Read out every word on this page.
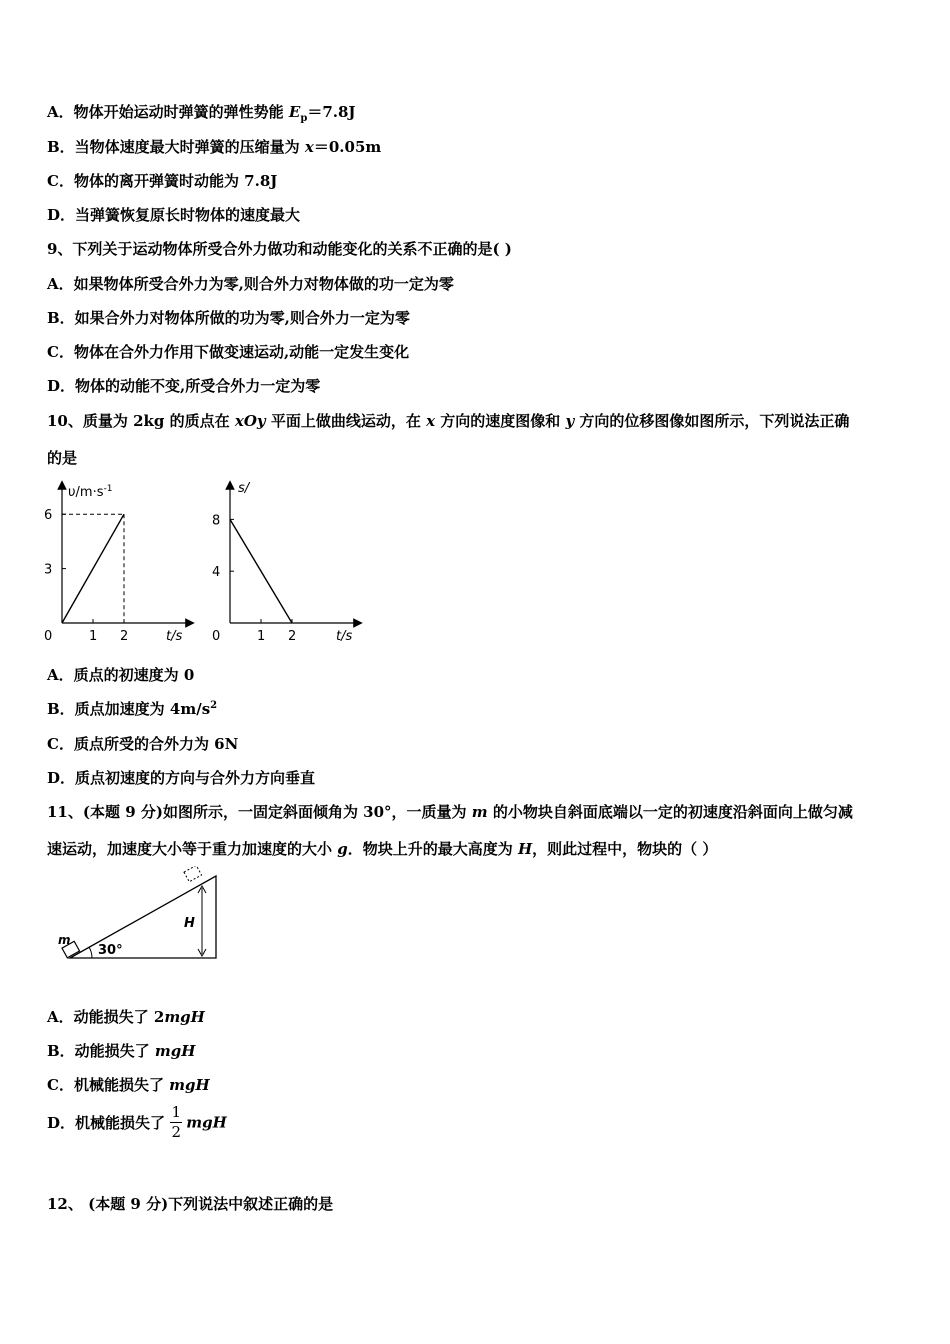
A．物体开始运动时弹簧的弹性势能 $E_p=7.8J$
B．当物体速度最大时弹簧的压缩量为 x＝0.05m
C．物体的离开弹簧时动能为 7.8J
D．当弹簧恢复原长时物体的速度最大
9、下列关于运动物体所受合外力做功和动能变化的关系不正确的是( )
A．如果物体所受合外力为零,则合外力对物体做的功一定为零
B．如果合外力对物体所做的功为零,则合外力一定为零
C．物体在合外力作用下做变速运动,动能一定发生变化
D．物体的动能不变,所受合外力一定为零
10、质量为 2kg 的质点在 xOy 平面上做曲线运动，在 x 方向的速度图像和 y 方向的位移图像如图所示，下列说法正确
的是
$\upsilon/m\cdot s^{-1}$
t/s
0	1 2
3
6
s/
t/s
0	1 2
4
8
A．质点的初速度为 0
B．质点加速度为 $4m/s^2$
C．质点所受的合外力为 6N
D．质点初速度的方向与合外力方向垂直
11、(本题 9 分)如图所示，一固定斜面倾角为 30°，一质量为 m 的小物块自斜面底端以一定的初速度沿斜面向上做匀减
速运动，加速度大小等于重力加速度的大小 g．物块上升的最大高度为 H，则此过程中，物块的（ ）
m
30°
H
A．动能损失了 2mgH
B．动能损失了 mgH
C．机械能损失了 mgH
D．机械能损失了 $\frac{1}{2}$ mgH
12、 (本题 9 分)下列说法中叙述正确的是
